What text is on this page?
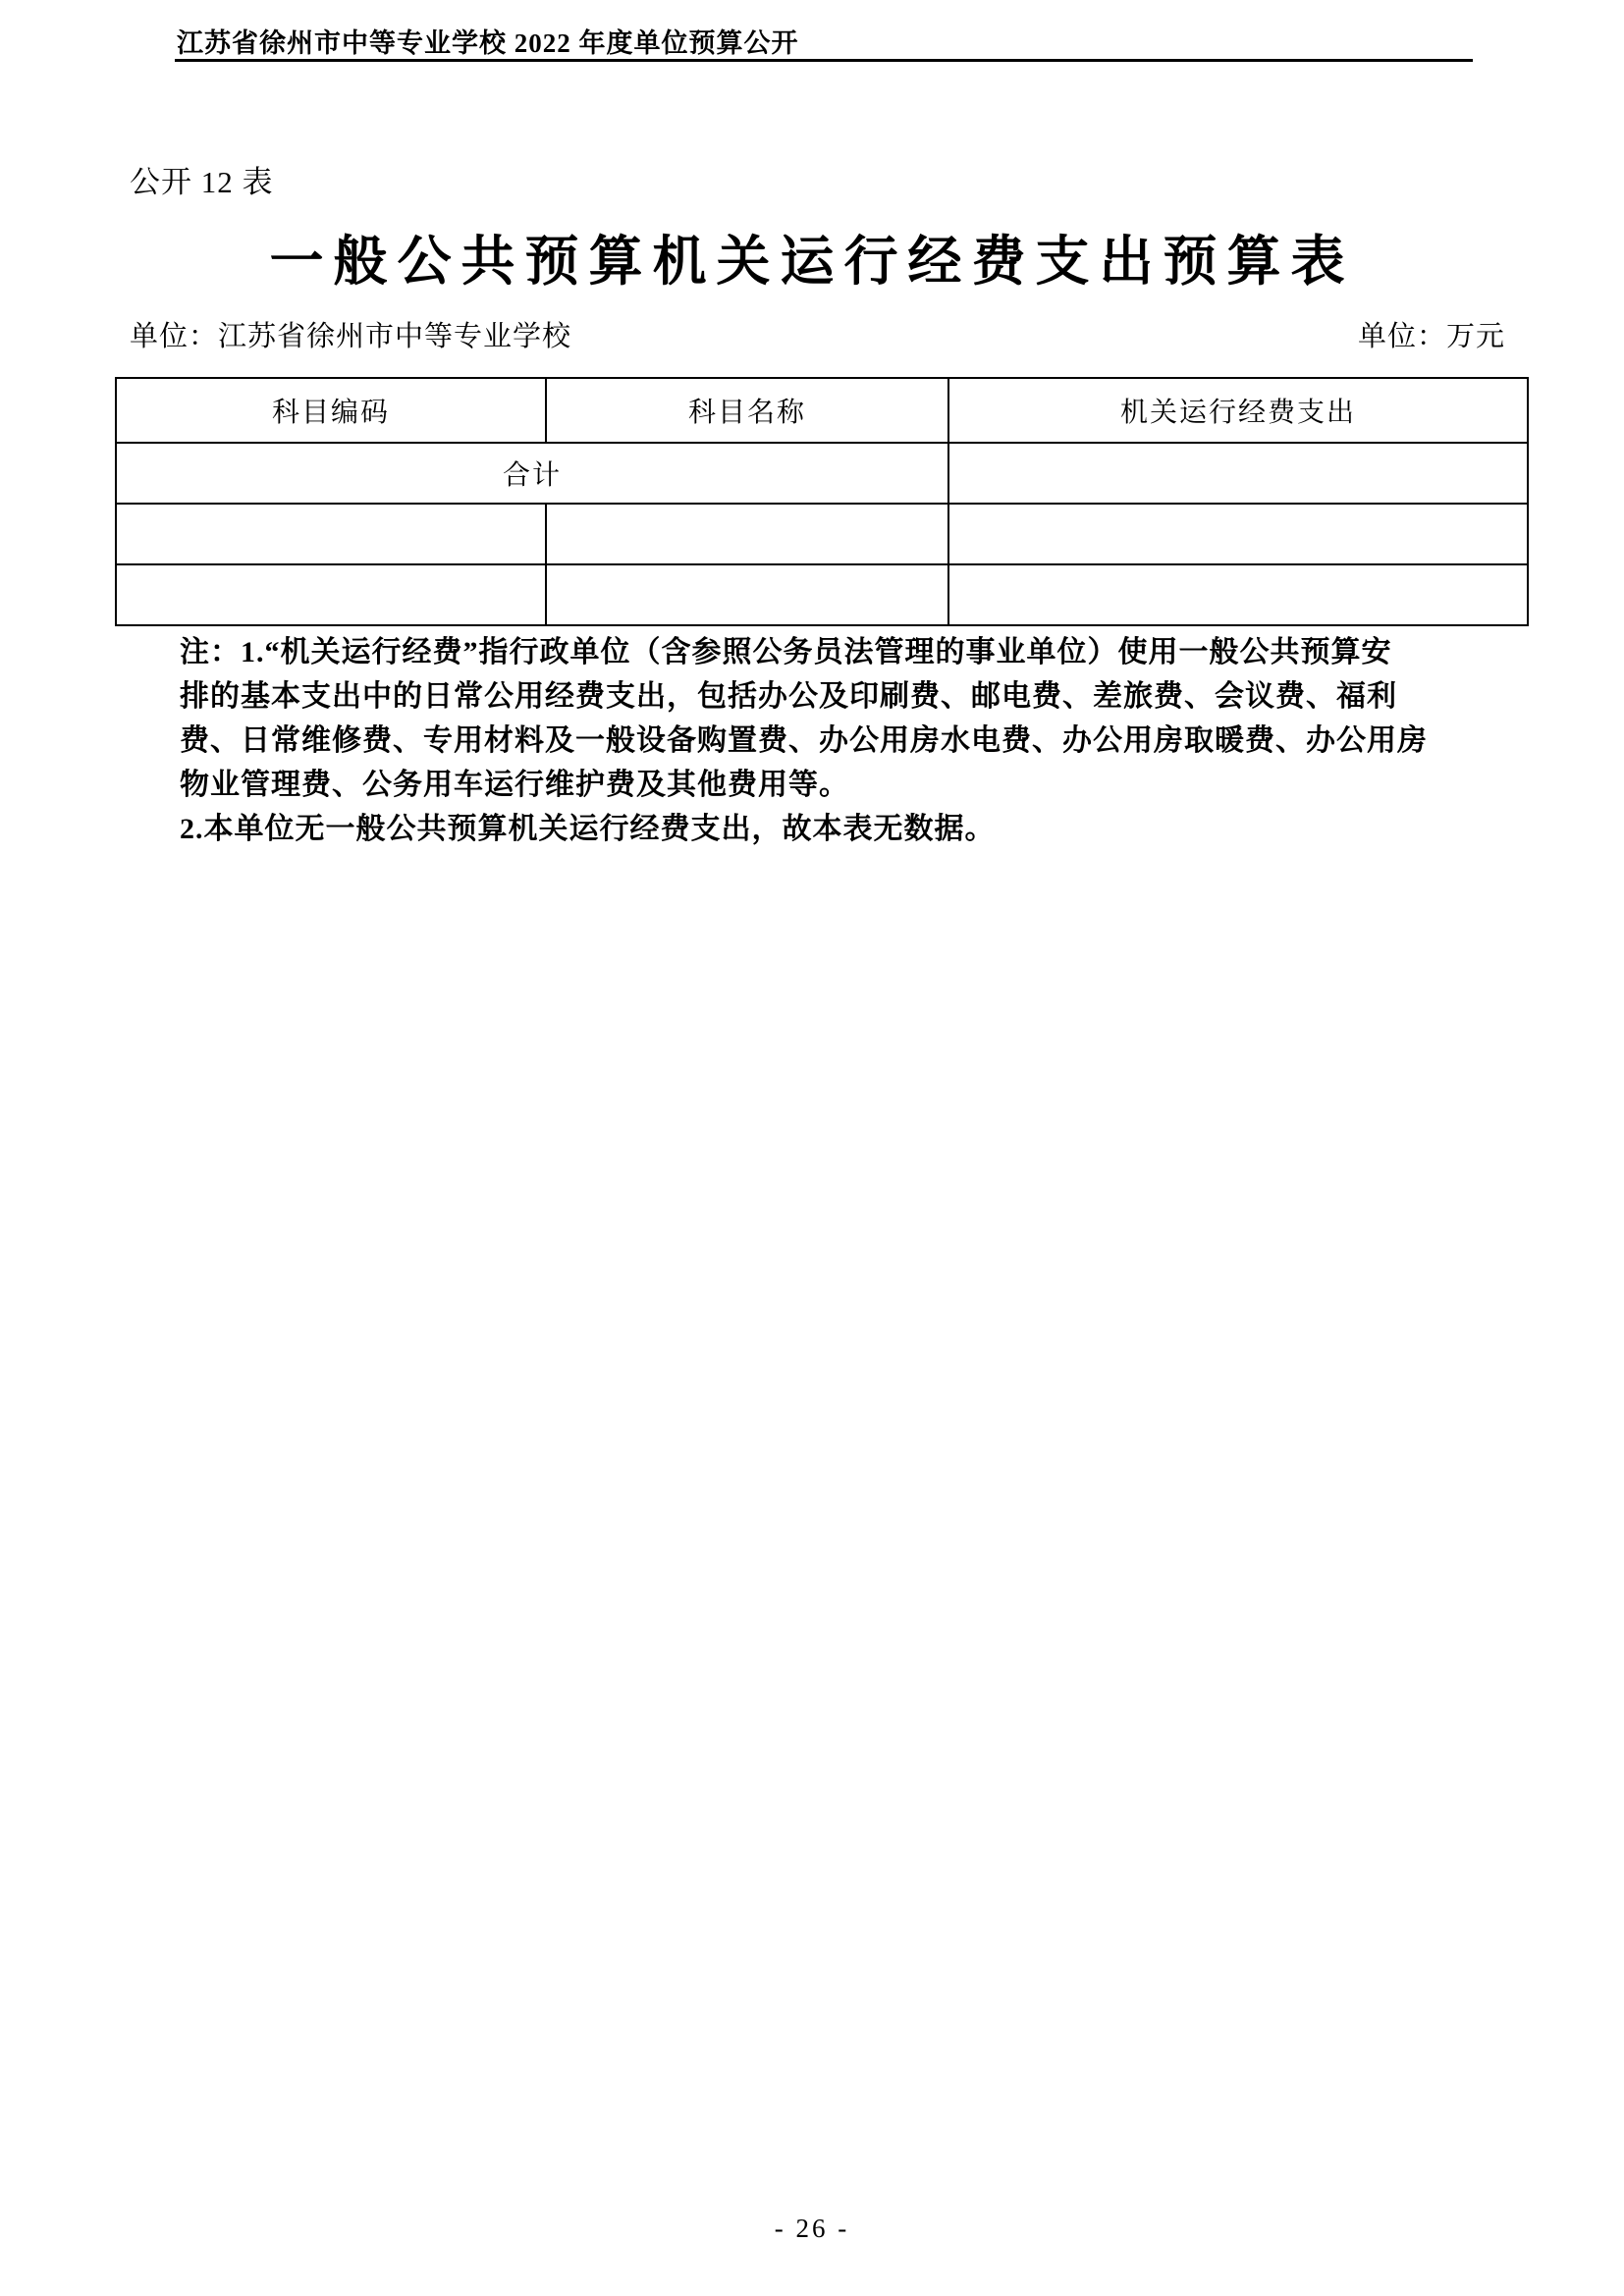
江苏省徐州市中等专业学校 2022 年度单位预算公开
公开 12 表
一般公共预算机关运行经费支出预算表
单位：江苏省徐州市中等专业学校	单位：万元
科目编码	科目名称	机关运行经费支出
合计		

注：1.“机关运行经费”指行政单位（含参照公务员法管理的事业单位）使用一般公共预算安
排的基本支出中的日常公用经费支出，包括办公及印刷费、邮电费、差旅费、会议费、福利
费、日常维修费、专用材料及一般设备购置费、办公用房水电费、办公用房取暖费、办公用房
物业管理费、公务用车运行维护费及其他费用等。
2.本单位无一般公共预算机关运行经费支出，故本表无数据。
- 26 -
